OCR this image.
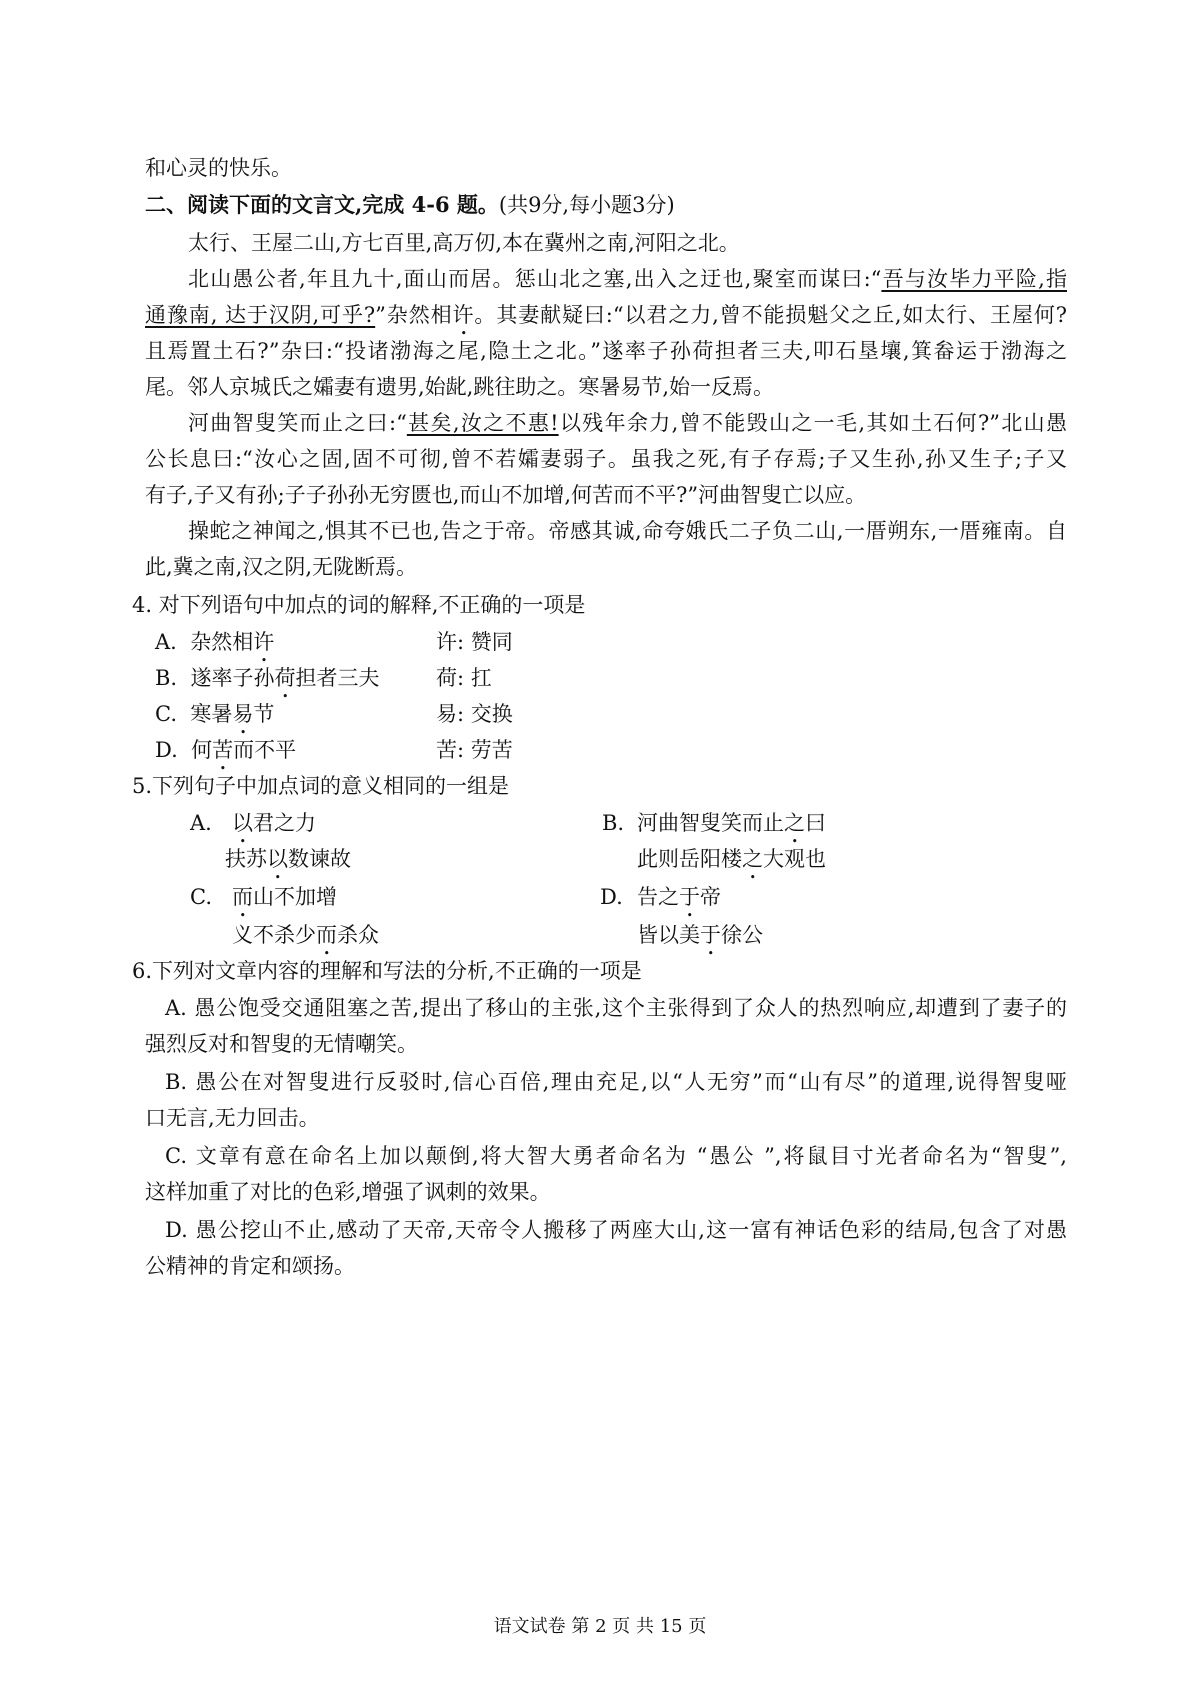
和心灵的快乐。
二、阅读下面的文言文,完成 4-6 题。(共9分,每小题3分)
太行、王屋二山,方七百里,高万仞,本在冀州之南,河阳之北。
北山愚公者,年且九十,面山而居。惩山北之塞,出入之迂也,聚室而谋曰:“吾与汝毕力平险,指
通豫南, 达于汉阴,可乎?”杂然相许。其妻献疑曰:“以君之力,曾不能损魁父之丘,如太行、王屋何?
且焉置土石?”杂曰:“投诸渤海之尾,隐土之北。”遂率子孙荷担者三夫,叩石垦壤,箕畚运于渤海之
尾。邻人京城氏之孀妻有遗男,始龀,跳往助之。寒暑易节,始一反焉。
河曲智叟笑而止之曰:“甚矣,汝之不惠!以残年余力,曾不能毁山之一毛,其如土石何?”北山愚
公长息曰:“汝心之固,固不可彻,曾不若孀妻弱子。虽我之死,有子存焉;子又生孙,孙又生子;子又
有子,子又有孙;子子孙孙无穷匮也,而山不加增,何苦而不平?”河曲智叟亡以应。
操蛇之神闻之,惧其不已也,告之于帝。帝感其诚,命夸娥氏二子负二山,一厝朔东,一厝雍南。自
此,冀之南,汉之阴,无陇断焉。
4. 对下列语句中加点的词的解释,不正确的一项是
A. 杂然相许	许: 赞同
B. 遂率子孙荷担者三夫	荷: 扛
C. 寒暑易节	易: 交换
D. 何苦而不平	苦: 劳苦
5.下列句子中加点词的意义相同的一组是
A. 以君之力
扶苏以数谏故
B. 河曲智叟笑而止之曰
此则岳阳楼之大观也
C. 而山不加增
义不杀少而杀众
D. 告之于帝
皆以美于徐公
6.下列对文章内容的理解和写法的分析,不正确的一项是
A. 愚公饱受交通阻塞之苦,提出了移山的主张,这个主张得到了众人的热烈响应,却遭到了妻子的
强烈反对和智叟的无情嘲笑。
B. 愚公在对智叟进行反驳时,信心百倍,理由充足,以“人无穷”而“山有尽”的道理,说得智叟哑
口无言,无力回击。
C. 文章有意在命名上加以颠倒,将大智大勇者命名为 “愚公 ”,将鼠目寸光者命名为“智叟”,
这样加重了对比的色彩,增强了讽刺的效果。
D. 愚公挖山不止,感动了天帝,天帝令人搬移了两座大山,这一富有神话色彩的结局,包含了对愚
公精神的肯定和颂扬。
语文试卷 第 2 页 共 15 页
